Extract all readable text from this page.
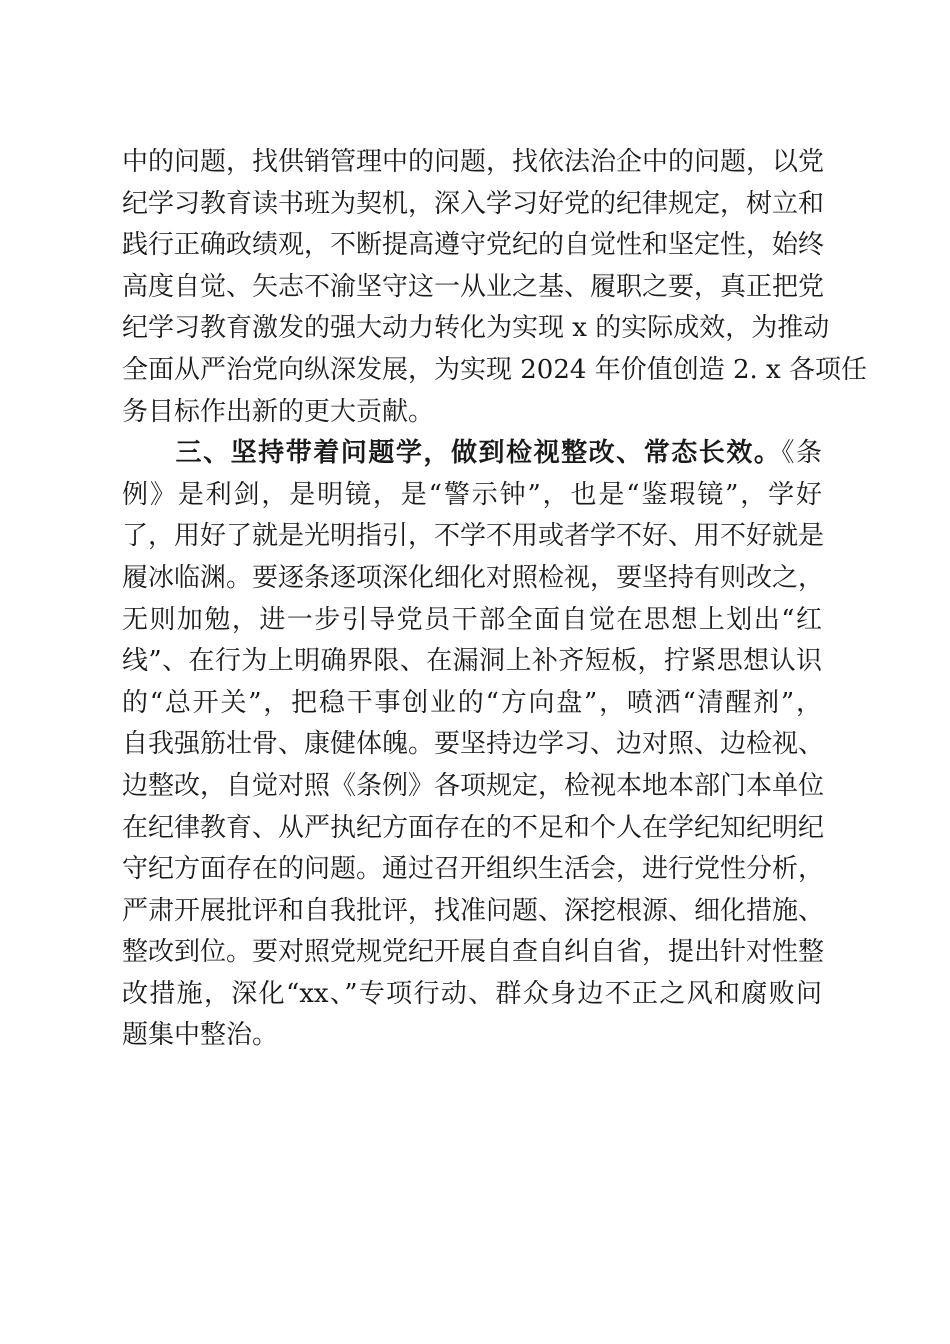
中的问题，找供销管理中的问题，找依法治企中的问题，以党
纪学习教育读书班为契机，深入学习好党的纪律规定，树立和
践行正确政绩观，不断提高遵守党纪的自觉性和坚定性，始终
高度自觉、矢志不渝坚守这一从业之基、履职之要，真正把党
纪学习教育激发的强大动力转化为实现 x 的实际成效，为推动
全面从严治党向纵深发展，为实现 2024 年价值创造 2. x 各项任
务目标作出新的更大贡献。
三、坚持带着问题学，做到检视整改、常态长效。《条
例》是利剑，是明镜，是“警示钟”，也是“鉴瑕镜”，学好
了，用好了就是光明指引，不学不用或者学不好、用不好就是
履冰临渊。要逐条逐项深化细化对照检视，要坚持有则改之，
无则加勉，进一步引导党员干部全面自觉在思想上划出“红
线”、在行为上明确界限、在漏洞上补齐短板，拧紧思想认识
的“总开关”，把稳干事创业的“方向盘”，喷洒“清醒剂”，
自我强筋壮骨、康健体魄。要坚持边学习、边对照、边检视、
边整改，自觉对照《条例》各项规定，检视本地本部门本单位
在纪律教育、从严执纪方面存在的不足和个人在学纪知纪明纪
守纪方面存在的问题。通过召开组织生活会，进行党性分析，
严肃开展批评和自我批评，找准问题、深挖根源、细化措施、
整改到位。要对照党规党纪开展自查自纠自省，提出针对性整
改措施，深化“xx、”专项行动、群众身边不正之风和腐败问
题集中整治。
